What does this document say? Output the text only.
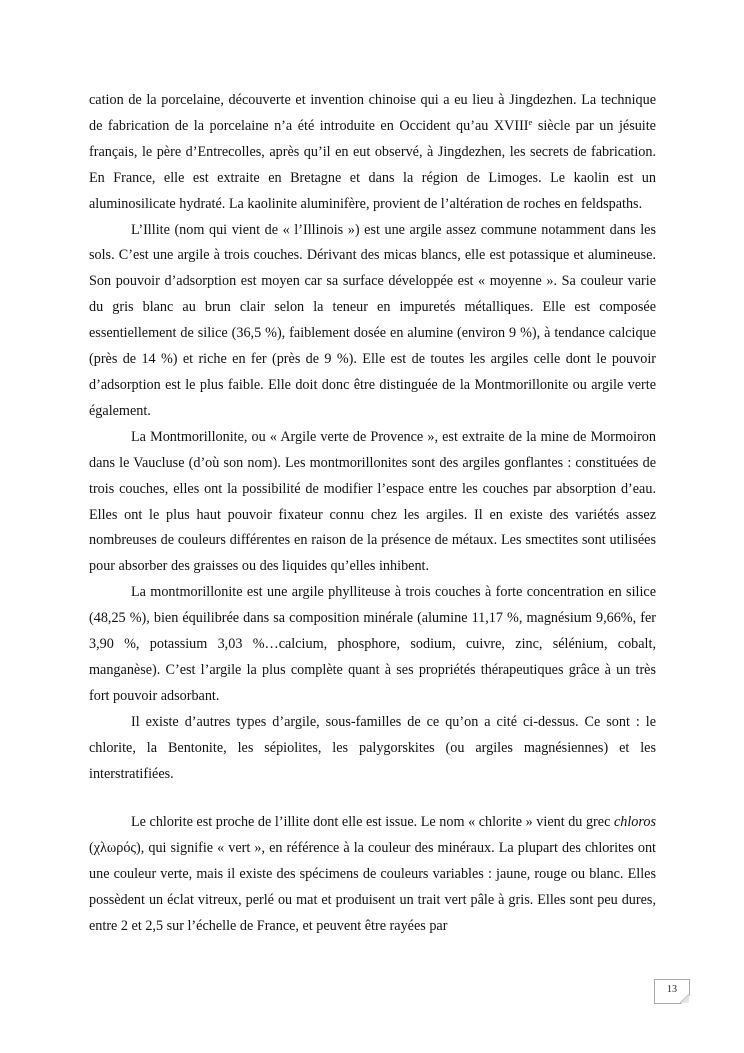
cation de la porcelaine, découverte et invention chinoise qui a eu lieu à Jingdezhen. La technique de fabrication de la porcelaine n’a été introduite en Occident qu’au XVIIIe siècle par un jésuite français, le père d’Entrecolles, après qu’il en eut observé, à Jingdezhen, les secrets de fabrication. En France, elle est extraite en Bretagne et dans la région de Limoges. Le kaolin est un aluminosilicate hydraté. La kaolinite aluminifère, provient de l’altération de roches en feldspaths.

L’Illite (nom qui vient de « l’Illinois ») est une argile assez commune notamment dans les sols. C’est une argile à trois couches. Dérivant des micas blancs, elle est potassique et alumineuse. Son pouvoir d’adsorption est moyen car sa surface développée est « moyenne ». Sa couleur varie du gris blanc au brun clair selon la teneur en impuretés métalliques. Elle est composée essentiellement de silice (36,5 %), faiblement dosée en alumine (environ 9 %), à tendance calcique (près de 14 %) et riche en fer (près de 9 %). Elle est de toutes les argiles celle dont le pouvoir d’adsorption est le plus faible. Elle doit donc être distinguée de la Montmorillonite ou argile verte également.

La Montmorillonite, ou « Argile verte de Provence », est extraite de la mine de Mormoiron dans le Vaucluse (d’où son nom). Les montmorillonites sont des argiles gonflantes : constituées de trois couches, elles ont la possibilité de modifier l’espace entre les couches par absorption d’eau. Elles ont le plus haut pouvoir fixateur connu chez les argiles. Il en existe des variétés assez nombreuses de couleurs différentes en raison de la présence de métaux. Les smectites sont utilisées pour absorber des graisses ou des liquides qu’elles inhibent.

La montmorillonite est une argile phylliteuse à trois couches à forte concentration en silice (48,25 %), bien équilibrée dans sa composition minérale (alumine 11,17 %, magnésium 9,66%, fer 3,90 %, potassium 3,03 %…calcium, phosphore, sodium, cuivre, zinc, sélénium, cobalt, manganèse). C’est l’argile la plus complète quant à ses propriétés thérapeutiques grâce à un très fort pouvoir adsorbant.

Il existe d’autres types d’argile, sous-familles de ce qu’on a cité ci-dessus. Ce sont : le chlorite, la Bentonite, les sépiolites, les palygorskites (ou argiles magnésiennes) et les interstratifiées.

Le chlorite est proche de l’illite dont elle est issue. Le nom « chlorite » vient du grec chloros (χλωρός), qui signifie « vert », en référence à la couleur des minéraux. La plupart des chlorites ont une couleur verte, mais il existe des spécimens de couleurs variables : jaune, rouge ou blanc. Elles possèdent un éclat vitreux, perlé ou mat et produisent un trait vert pâle à gris. Elles sont peu dures, entre 2 et 2,5 sur l’échelle de France, et peuvent être rayées par

13
